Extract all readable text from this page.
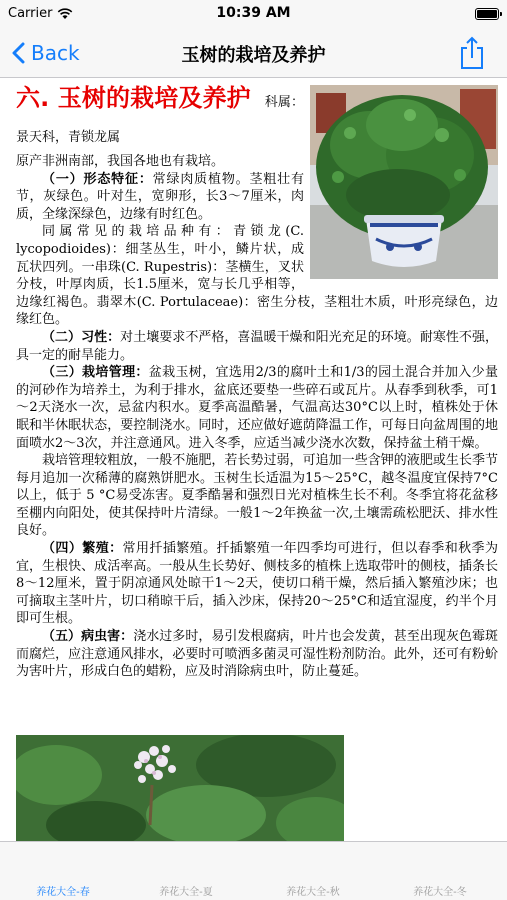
Carrier	10:39 AM
Back	玉树的栽培及养护
六. 玉树的栽培及养护 科属：景天科，青锁龙属

原产非洲南部，我国各地也有栽培。

（一）形态特征：常绿肉质植物。茎粗壮有节，灰绿色。叶对生，宽卵形，长3～7厘米，肉质，全缘深绿色，边缘有时红色。

同属常见的栽培品种有：青锁龙(C. lycopodioides)：细茎丛生，叶小，鳞片状，成瓦状四列。一串珠(C. Rupestris)：茎横生，叉状分枝，叶厚肉质，长1.5厘米，宽与长几乎相等，边缘红褐色。翡翠木(C. Portulaceae)：密生分枝，茎粗壮木质，叶形亮绿色，边缘红色。

（二）习性：对土壤要求不严格，喜温暖干燥和阳光充足的环境。耐寒性不强，具一定的耐旱能力。

（三）栽培管理：盆栽玉树，宜选用2/3的腐叶土和1/3的园土混合并加入少量的河砂作为培养土，为利于排水，盆底还要垫一些碎石或瓦片。从春季到秋季，可1～2天浇水一次，忌盆内积水。夏季高温酷暑，气温高达30°C以上时，植株处于休眠和半休眠状态，要控制浇水。同时，还应做好遮荫降温工作，可每日向盆周围的地面喷水2～3次，并注意通风。进入冬季，应适当减少浇水次数，保持盆土稍干燥。

栽培管理较粗放，一般不施肥，若长势过弱，可追加一些含钾的液肥或生长季节每月追加一次稀薄的腐熟饼肥水。玉树生长适温为15～25°C，越冬温度宜保持7°C以上，低于 5 °C易受冻害。夏季酷暑和强烈日光对植株生长不利。冬季宜将花盆移至棚内向阳处，使其保持叶片清绿。一般1～2年换盆一次,土壤需疏松肥沃、排水性良好。

（四）繁殖：常用扦插繁殖。扦插繁殖一年四季均可进行，但以春季和秋季为宜，生根快、成活率高。一般从生长势好、侧枝多的植株上选取带叶的侧枝，插条长8～12厘米，置于阴凉通风处晾干1～2天，使切口稍干燥，然后插入繁殖沙床；也可摘取主茎叶片，切口稍晾干后，插入沙床，保持20～25°C和适宜湿度，约半个月即可生根。

（五）病虫害：浇水过多时，易引发根腐病，叶片也会发黄，甚至出现灰色霉斑而腐烂，应注意通风排水，必要时可喷洒多菌灵可湿性粉剂防治。此外，还可有粉蚧为害叶片，形成白色的蜡粉，应及时消除病虫叶，防止蔓延。

养花大全-春	养花大全-夏	养花大全-秋	养花大全-冬
